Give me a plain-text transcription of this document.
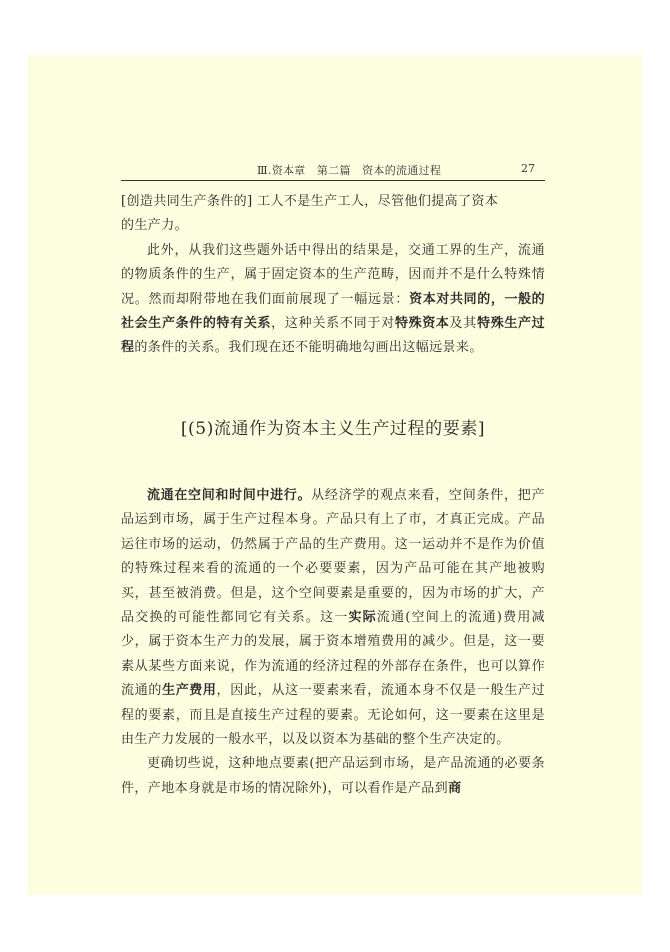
Ⅲ.资本章　第二篇　资本的流通过程	27

[创造共同生产条件的] 工人不是生产工人，尽管他们提高了资本
的生产力。

此外，从我们这些题外话中得出的结果是，交通工界的生产，流通的物质条件的生产，属于固定资本的生产范畴，因而并不是什么特殊情况。然而却附带地在我们面前展现了一幅远景：资本对共同的，一般的社会生产条件的特有关系，这种关系不同于对特殊资本及其特殊生产过程的条件的关系。我们现在还不能明确地勾画出这幅远景来。

[(5)流通作为资本主义生产过程的要素]

流通在空间和时间中进行。从经济学的观点来看，空间条件，把产品运到市场，属于生产过程本身。产品只有上了市，才真正完成。产品运往市场的运动，仍然属于产品的生产费用。这一运动并不是作为价值的特殊过程来看的流通的一个必要要素，因为产品可能在其产地被购买，甚至被消费。但是，这个空间要素是重要的，因为市场的扩大，产品交换的可能性都同它有关系。这一实际流通(空间上的流通)费用减少，属于资本生产力的发展，属于资本增殖费用的减少。但是，这一要素从某些方面来说，作为流通的经济过程的外部存在条件，也可以算作流通的生产费用，因此，从这一要素来看，流通本身不仅是一般生产过程的要素，而且是直接生产过程的要素。无论如何，这一要素在这里是由生产力发展的一般水平，以及以资本为基础的整个生产决定的。

更确切些说，这种地点要素(把产品运到市场，是产品流通的必要条件，产地本身就是市场的情况除外)，可以看作是产品到商
